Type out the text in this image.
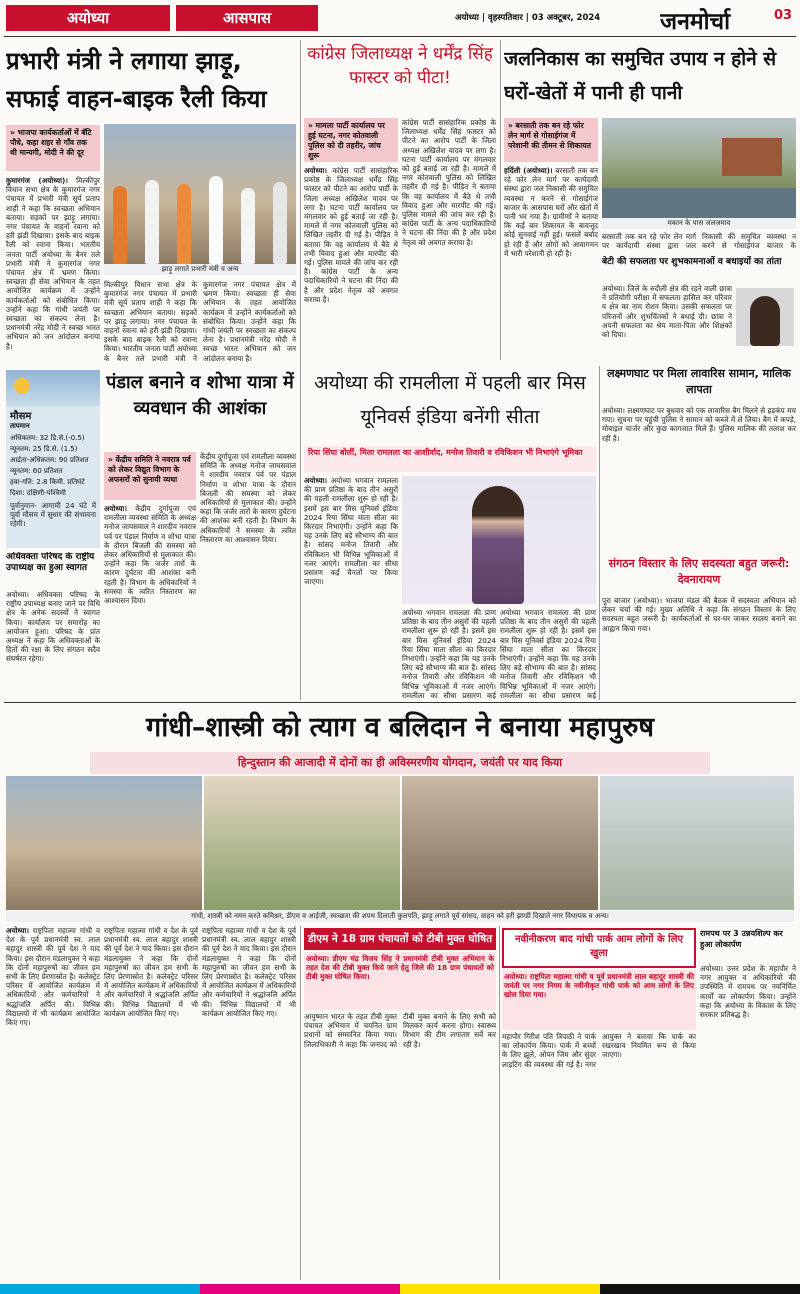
अयोध्या	आसपास	अयोध्या | वृहस्पतिवार | 03 अक्टूबर, 2024	जनमोर्चा	03
प्रभारी मंत्री ने लगाया झाड़ू, सफाई वाहन-बाइक रैली किया
» भाजपा कार्यकर्ताओं में बॅटि पौधे, कहा शहर से गाँव तक थी मान्यगी, मोदी ने की दूर
कुमारगंज (अयोध्या)। मिल्कीपुर विधान सभा क्षेत्र के कुमारगंज नगर पंचायत में प्रभारी मंत्री सूर्य प्रताप शाही ने कहा कि स्वच्छता अभियान बताया। सड़कों पर झाड़ू लगाया। नगर पंचायत के वाहनों रवाना को हरी झंडी दिखाया। इसके बाद बाइक रैली को रवाना किया। भारतीय जनता पार्टी अयोध्या के बैनर तले प्रभारी मंत्री ने कुमारगंज नगर पंचायत क्षेत्र में भ्रमण किया। स्वच्छता ही सेवा अभियान के तहत आयोजित कार्यक्रम में उन्होंने कार्यकर्ताओं को संबोधित किया। उन्होंने कहा कि गांधी जयंती पर स्वच्छता का संकल्प लेना है। प्रधानमंत्री नरेंद्र मोदी ने स्वच्छ भारत अभियान को जन आंदोलन बनाया है।
झाड़ू लगाते प्रभारी मंत्री व अन्य
मिल्कीपुर विधान सभा क्षेत्र के कुमारगंज नगर पंचायत में प्रभारी मंत्री सूर्य प्रताप शाही ने कहा कि स्वच्छता अभियान बताया। सड़कों पर झाड़ू लगाया। नगर पंचायत के वाहनों रवाना को हरी झंडी दिखाया। इसके बाद बाइक रैली को रवाना किया। भारतीय जनता पार्टी अयोध्या के बैनर तले प्रभारी मंत्री ने कुमारगंज नगर पंचायत क्षेत्र में भ्रमण किया। स्वच्छता ही सेवा अभियान के तहत आयोजित कार्यक्रम में उन्होंने कार्यकर्ताओं को संबोधित किया। उन्होंने कहा कि गांधी जयंती पर स्वच्छता का संकल्प लेना है। प्रधानमंत्री नरेंद्र मोदी ने स्वच्छ भारत अभियान को जन आंदोलन बनाया है।
मौसम
तापमान
अधिकतम: 32 डि.से.(-0.5)
न्यूनतम: 25 डि.से. (1.5)
आर्द्रता-अधिकतम: 90 प्रतिशत
न्यूनतम: 60 प्रतिशत
हवा-गति: 2.8 किमी. प्रतिघंटे
दिशा: दक्षिणी-पश्चिमी
पूर्वानुमान- आगामी 24 घंटे में पूर्वा मौसम में सुधार की संभावना रहेगी।
अधिवक्ता परिषद के राष्ट्रीय उपाध्यक्ष का हुआ स्वागत
अयोध्या। अधिवक्ता परिषद के राष्ट्रीय उपाध्यक्ष बनाए जाने पर विधि क्षेत्र के अनेक सदस्यों ने स्वागत किया। कार्यालय पर समारोह का आयोजन हुआ। परिषद के प्रांत अध्यक्ष ने कहा कि अधिवक्ताओं के हितों की रक्षा के लिए संगठन सदैव संघर्षरत रहेगा।
पंडाल बनाने व शोभा यात्रा में व्यवधान की आशंका
» केंद्रीय समिति ने नवरात्र पर्व को लेकर विद्युत विभाग के अफसरों को सुनायी व्यथा
अयोध्या। केंद्रीय दुर्गापूजा एवं रामलीला व्यवस्था समिति के अध्यक्ष मनोज जायसवाल ने शारदीय नवरात्र पर्व पर पंडाल निर्माण व शोभा यात्रा के दौरान बिजली की समस्या को लेकर अधिकारियों से मुलाकात की। उन्होंने कहा कि जर्जर तारों के कारण दुर्घटना की आशंका बनी रहती है। विभाग के अधिकारियों ने समस्या के त्वरित निस्तारण का आश्वासन दिया।
केंद्रीय दुर्गापूजा एवं रामलीला व्यवस्था समिति के अध्यक्ष मनोज जायसवाल ने शारदीय नवरात्र पर्व पर पंडाल निर्माण व शोभा यात्रा के दौरान बिजली की समस्या को लेकर अधिकारियों से मुलाकात की। उन्होंने कहा कि जर्जर तारों के कारण दुर्घटना की आशंका बनी रहती है। विभाग के अधिकारियों ने समस्या के त्वरित निस्तारण का आश्वासन दिया।
कांग्रेस जिलाध्यक्ष ने धर्मेंद्र सिंह फास्टर को पीटा!
» मामला पार्टी कार्यालय पर हुई घटना, नगर कोतवाली पुलिस को दी तहरीर, जांच शुरू
अयोध्या। कांग्रेस पार्टी सासंहारिक प्रकोष्ठ के जिलाध्यक्ष धर्मेंद्र सिंह फास्टर को पीटने का आरोप पार्टी के जिला अध्यक्ष अखिलेश यादव पर लगा है। घटना पार्टी कार्यालय पर मंगलवार को हुई बताई जा रही है। मामले में नगर कोतवाली पुलिस को लिखित तहरीर दी गई है। पीड़ित ने बताया कि वह कार्यालय में बैठे थे तभी विवाद हुआ और मारपीट की गई। पुलिस मामले की जांच कर रही है। कांग्रेस पार्टी के अन्य पदाधिकारियों ने घटना की निंदा की है और प्रदेश नेतृत्व को अवगत कराया है।
कांग्रेस पार्टी सासंहारिक प्रकोष्ठ के जिलाध्यक्ष धर्मेंद्र सिंह फास्टर को पीटने का आरोप पार्टी के जिला अध्यक्ष अखिलेश यादव पर लगा है। घटना पार्टी कार्यालय पर मंगलवार को हुई बताई जा रही है। मामले में नगर कोतवाली पुलिस को लिखित तहरीर दी गई है। पीड़ित ने बताया कि वह कार्यालय में बैठे थे तभी विवाद हुआ और मारपीट की गई। पुलिस मामले की जांच कर रही है। कांग्रेस पार्टी के अन्य पदाधिकारियों ने घटना की निंदा की है और प्रदेश नेतृत्व को अवगत कराया है।
जलनिकास का समुचित उपाय न होने से घरों-खेतों में पानी ही पानी
» बरसाती तक बन रहे फोर लेन मार्ग से गोसाईगंज में परेशानी की तीमन से शिकायत
हर्दिली (अयोध्या)। बरसाती तक बन रहे फोर लेन मार्ग पर कार्यदायी संस्था द्वारा जल निकासी की समुचित व्यवस्था न करने से गोसाईगंज बाजार के आसपास घरों और खेतों में पानी भर गया है। ग्रामीणों ने बताया कि कई बार शिकायत के बावजूद कोई सुनवाई नहीं हुई। फसलें बर्बाद हो रही हैं और लोगों को आवागमन में भारी परेशानी हो रही है।
मकान के पास जलजमाव
बरसाती तक बन रहे फोर लेन मार्ग पर कार्यदायी संस्था द्वारा जल निकासी की समुचित व्यवस्था न करने से गोसाईगंज बाजार के
बेटी की सफलता पर शुभकामनाओं व बधाइयों का तांता
अयोध्या। जिले के रुदौली क्षेत्र की रहने वाली छात्रा ने प्रतियोगी परीक्षा में सफलता हासिल कर परिवार व क्षेत्र का नाम रोशन किया। उसकी सफलता पर परिजनों और शुभचिंतकों ने बधाई दी। छात्रा ने अपनी सफलता का श्रेय माता-पिता और शिक्षकों को दिया।
अयोध्या की रामलीला में पहली बार मिस यूनिवर्स इंडिया बनेंगी सीता
रिया सिंघा बोलीं, मिला रामलला का आशीर्वाद, मनोज तिवारी व रविकिशन भी निभाएंगे भूमिका
अयोध्या। अयोध्या भगवान रामलला की प्राण प्रतिष्ठा के बाद तीन असुरों की पहली रामलीला शुरू हो रही है। इसमें इस बार मिस यूनिवर्स इंडिया 2024 रिया सिंघा माता सीता का किरदार निभाएंगी। उन्होंने कहा कि यह उनके लिए बड़े सौभाग्य की बात है। सांसद मनोज तिवारी और रविकिशन भी विभिन्न भूमिकाओं में नजर आएंगे। रामलीला का सीधा प्रसारण कई चैनलों पर किया जाएगा।
अयोध्या भगवान रामलला की प्राण प्रतिष्ठा के बाद तीन असुरों की पहली रामलीला शुरू हो रही है। इसमें इस बार मिस यूनिवर्स इंडिया 2024 रिया सिंघा माता सीता का किरदार निभाएंगी। उन्होंने कहा कि यह उनके लिए बड़े सौभाग्य की बात है। सांसद मनोज तिवारी और रविकिशन भी विभिन्न भूमिकाओं में नजर आएंगे। रामलीला का सीधा प्रसारण कई
अयोध्या भगवान रामलला की प्राण प्रतिष्ठा के बाद तीन असुरों की पहली रामलीला शुरू हो रही है। इसमें इस बार मिस यूनिवर्स इंडिया 2024 रिया सिंघा माता सीता का किरदार निभाएंगी। उन्होंने कहा कि यह उनके लिए बड़े सौभाग्य की बात है। सांसद मनोज तिवारी और रविकिशन भी विभिन्न भूमिकाओं में नजर आएंगे। रामलीला का सीधा प्रसारण कई
लक्ष्मणघाट पर मिला लावारिस सामान, मालिक लापता
अयोध्या। लक्ष्मणघाट पर बुधवार को एक लावारिस बैग मिलने से हड़कंप मच गया। सूचना पर पहुंची पुलिस ने सामान को कब्जे में ले लिया। बैग में कपड़े, मोबाइल चार्जर और कुछ कागजात मिले हैं। पुलिस मालिक की तलाश कर रही है।
संगठन विस्तार के लिए सदस्यता बहुत जरूरी: देवनारायण
पूरा बाजार (अयोध्या)। भाजपा मंडल की बैठक में सदस्यता अभियान को लेकर चर्चा की गई। मुख्य अतिथि ने कहा कि संगठन विस्तार के लिए सदस्यता बहुत जरूरी है। कार्यकर्ताओं से घर-घर जाकर सदस्य बनाने का आह्वान किया गया।
गांधी–शास्त्री को त्याग व बलिदान ने बनाया महापुरुष
हिन्दुस्तान की आजादी में दोनों का ही अविस्मरणीय योगदान, जयंती पर याद किया
गांधी, शास्त्री को नमन करते कमिश्नर, डीएम व आईजी, स्वच्छता की शपथ दिलाती कुलपति, झाड़ू लगाते पूर्व सांसद, वाहन को हरी झण्डी दिखाते नगर विधायक व अन्य।
अयोध्या। राष्ट्रपिता महात्मा गांधी व देश के पूर्व प्रधानमंत्री स्व. लाल बहादुर शास्त्री की पूर्व देश ने याद किया। इस दौरान मंडलायुक्त ने कहा कि दोनों महापुरुषों का जीवन हम सभी के लिए प्रेरणास्रोत है। कलेक्ट्रेट परिसर में आयोजित कार्यक्रम में अधिकारियों और कर्मचारियों ने श्रद्धांजलि अर्पित की। विभिन्न विद्यालयों में भी कार्यक्रम आयोजित किए गए।
राष्ट्रपिता महात्मा गांधी व देश के पूर्व प्रधानमंत्री स्व. लाल बहादुर शास्त्री की पूर्व देश ने याद किया। इस दौरान मंडलायुक्त ने कहा कि दोनों महापुरुषों का जीवन हम सभी के लिए प्रेरणास्रोत है। कलेक्ट्रेट परिसर में आयोजित कार्यक्रम में अधिकारियों और कर्मचारियों ने श्रद्धांजलि अर्पित की। विभिन्न विद्यालयों में भी कार्यक्रम आयोजित किए गए।
राष्ट्रपिता महात्मा गांधी व देश के पूर्व प्रधानमंत्री स्व. लाल बहादुर शास्त्री की पूर्व देश ने याद किया। इस दौरान मंडलायुक्त ने कहा कि दोनों महापुरुषों का जीवन हम सभी के लिए प्रेरणास्रोत है। कलेक्ट्रेट परिसर में आयोजित कार्यक्रम में अधिकारियों और कर्मचारियों ने श्रद्धांजलि अर्पित की। विभिन्न विद्यालयों में भी कार्यक्रम आयोजित किए गए।
डीएम ने 18 ग्राम पंचायतों को टीबी मुक्त घोषित
अयोध्या। डीएम चंद्र विजय सिंह ने प्रधानमंत्री टीबी मुक्त अभियान के तहत देश की टीबी मुक्त किये जाने हेतु जिले की 18 ग्राम पंचायतों को टीबी मुक्त घोषित किया।
आयुष्मान भारत के तहत टीबी मुक्त पंचायत अभियान में चयनित ग्राम प्रधानों को सम्मानित किया गया। जिलाधिकारी ने कहा कि जनपद को टीबी मुक्त बनाने के लिए सभी को मिलकर कार्य करना होगा। स्वास्थ्य विभाग की टीम लगातार सर्वे कर रही है।
नवीनीकरण बाद गांधी पार्क आम लोगों के लिए खुला
अयोध्या। राष्ट्रपिता महात्मा गांधी व पूर्व प्रधानमंत्री लाल बहादुर शास्त्री की जयंती पर नगर निगम के नवीनीकृत गांधी पार्क को आम लोगों के लिए खोल दिया गया।
महापौर गिरीश पति त्रिपाठी ने पार्क का लोकार्पण किया। पार्क में बच्चों के लिए झूले, ओपन जिम और सुंदर लाइटिंग की व्यवस्था की गई है। नगर आयुक्त ने बताया कि पार्क का रखरखाव नियमित रूप से किया जाएगा।
रामपथ पर 3 उन्नयशिल्प कर हुआ लोकार्पण
अयोध्या। उत्तर प्रदेश के महापौर ने नगर आयुक्त व अधिकारियों की उपस्थिति में रामपथ पर नवनिर्मित कार्यों का लोकार्पण किया। उन्होंने कहा कि अयोध्या के विकास के लिए सरकार प्रतिबद्ध है।
